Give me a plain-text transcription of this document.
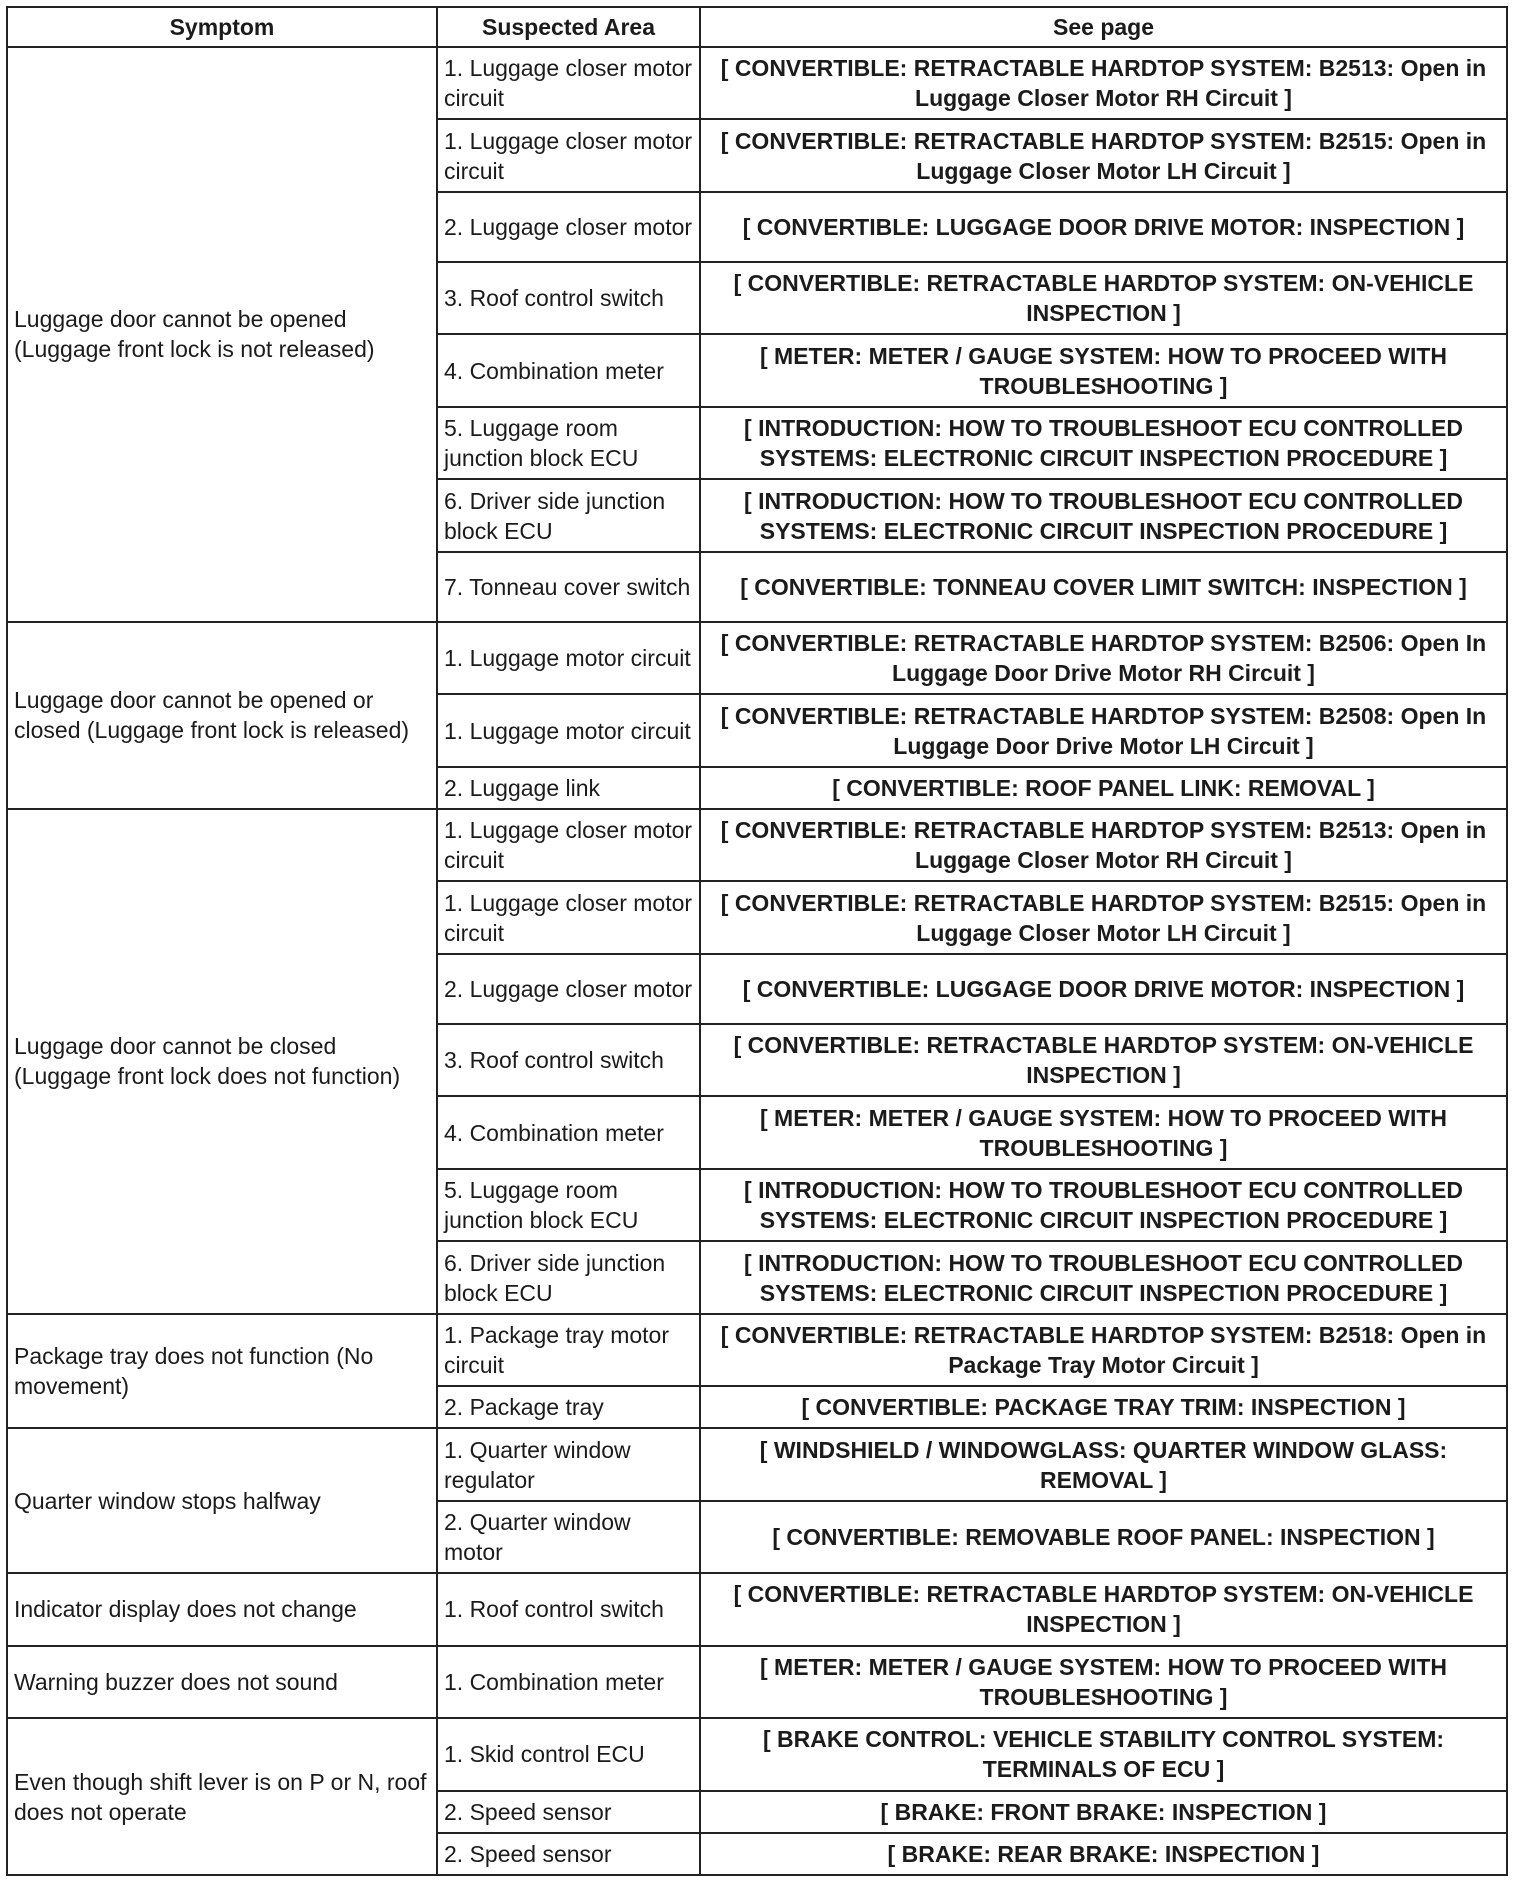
Symptom	Suspected Area	See page
Luggage door cannot be opened (Luggage front lock is not released)	1. Luggage closer motor circuit	[ CONVERTIBLE: RETRACTABLE HARDTOP SYSTEM: B2513: Open in Luggage Closer Motor RH Circuit ]
	1. Luggage closer motor circuit	[ CONVERTIBLE: RETRACTABLE HARDTOP SYSTEM: B2515: Open in Luggage Closer Motor LH Circuit ]
	2. Luggage closer motor	[ CONVERTIBLE: LUGGAGE DOOR DRIVE MOTOR: INSPECTION ]
	3. Roof control switch	[ CONVERTIBLE: RETRACTABLE HARDTOP SYSTEM: ON-VEHICLE INSPECTION ]
	4. Combination meter	[ METER: METER / GAUGE SYSTEM: HOW TO PROCEED WITH TROUBLESHOOTING ]
	5. Luggage room junction block ECU	[ INTRODUCTION: HOW TO TROUBLESHOOT ECU CONTROLLED SYSTEMS: ELECTRONIC CIRCUIT INSPECTION PROCEDURE ]
	6. Driver side junction block ECU	[ INTRODUCTION: HOW TO TROUBLESHOOT ECU CONTROLLED SYSTEMS: ELECTRONIC CIRCUIT INSPECTION PROCEDURE ]
	7. Tonneau cover switch	[ CONVERTIBLE: TONNEAU COVER LIMIT SWITCH: INSPECTION ]
Luggage door cannot be opened or closed (Luggage front lock is released)	1. Luggage motor circuit	[ CONVERTIBLE: RETRACTABLE HARDTOP SYSTEM: B2506: Open In Luggage Door Drive Motor RH Circuit ]
	1. Luggage motor circuit	[ CONVERTIBLE: RETRACTABLE HARDTOP SYSTEM: B2508: Open In Luggage Door Drive Motor LH Circuit ]
	2. Luggage link	[ CONVERTIBLE: ROOF PANEL LINK: REMOVAL ]
Luggage door cannot be closed (Luggage front lock does not function)	1. Luggage closer motor circuit	[ CONVERTIBLE: RETRACTABLE HARDTOP SYSTEM: B2513: Open in Luggage Closer Motor RH Circuit ]
	1. Luggage closer motor circuit	[ CONVERTIBLE: RETRACTABLE HARDTOP SYSTEM: B2515: Open in Luggage Closer Motor LH Circuit ]
	2. Luggage closer motor	[ CONVERTIBLE: LUGGAGE DOOR DRIVE MOTOR: INSPECTION ]
	3. Roof control switch	[ CONVERTIBLE: RETRACTABLE HARDTOP SYSTEM: ON-VEHICLE INSPECTION ]
	4. Combination meter	[ METER: METER / GAUGE SYSTEM: HOW TO PROCEED WITH TROUBLESHOOTING ]
	5. Luggage room junction block ECU	[ INTRODUCTION: HOW TO TROUBLESHOOT ECU CONTROLLED SYSTEMS: ELECTRONIC CIRCUIT INSPECTION PROCEDURE ]
	6. Driver side junction block ECU	[ INTRODUCTION: HOW TO TROUBLESHOOT ECU CONTROLLED SYSTEMS: ELECTRONIC CIRCUIT INSPECTION PROCEDURE ]
Package tray does not function (No movement)	1. Package tray motor circuit	[ CONVERTIBLE: RETRACTABLE HARDTOP SYSTEM: B2518: Open in Package Tray Motor Circuit ]
	2. Package tray	[ CONVERTIBLE: PACKAGE TRAY TRIM: INSPECTION ]
Quarter window stops halfway	1. Quarter window regulator	[ WINDSHIELD / WINDOWGLASS: QUARTER WINDOW GLASS: REMOVAL ]
	2. Quarter window motor	[ CONVERTIBLE: REMOVABLE ROOF PANEL: INSPECTION ]
Indicator display does not change	1. Roof control switch	[ CONVERTIBLE: RETRACTABLE HARDTOP SYSTEM: ON-VEHICLE INSPECTION ]
Warning buzzer does not sound	1. Combination meter	[ METER: METER / GAUGE SYSTEM: HOW TO PROCEED WITH TROUBLESHOOTING ]
Even though shift lever is on P or N, roof does not operate	1. Skid control ECU	[ BRAKE CONTROL: VEHICLE STABILITY CONTROL SYSTEM: TERMINALS OF ECU ]
	2. Speed sensor	[ BRAKE: FRONT BRAKE: INSPECTION ]
	2. Speed sensor	[ BRAKE: REAR BRAKE: INSPECTION ]
